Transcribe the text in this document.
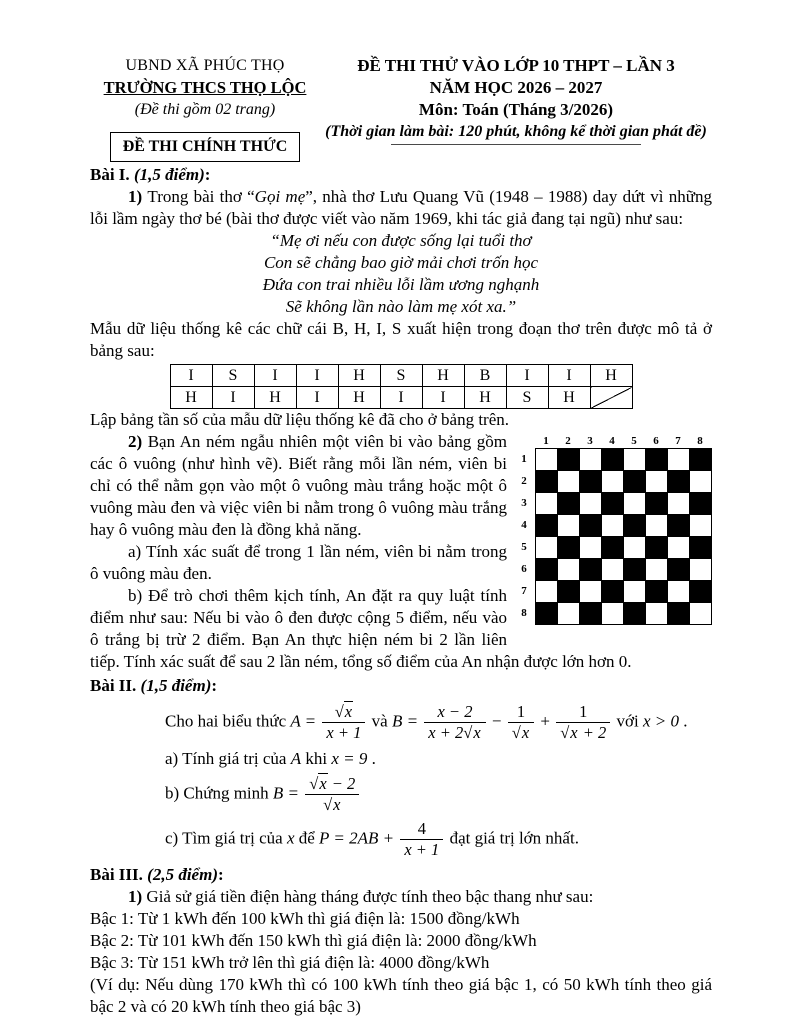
UBND XÃ PHÚC THỌ
TRƯỜNG THCS THỌ LỘC
(Đề thi gồm 02 trang)
ĐỀ THI CHÍNH THỨC
ĐỀ THI THỬ VÀO LỚP 10 THPT – LẦN 3
NĂM HỌC 2026 – 2027
Môn: Toán (Tháng 3/2026)
(Thời gian làm bài: 120 phút, không kể thời gian phát đề)
Bài I. (1,5 điểm):
1) Trong bài thơ “Gọi mẹ”, nhà thơ Lưu Quang Vũ (1948 – 1988) day dứt vì những lỗi lầm ngày thơ bé (bài thơ được viết vào năm 1969, khi tác giả đang tại ngũ) như sau:
“Mẹ ơi nếu con được sống lại tuổi thơ
Con sẽ chẳng bao giờ mải chơi trốn học
Đứa con trai nhiều lỗi lầm ương nghạnh
Sẽ không lần nào làm mẹ xót xa.”
Mẫu dữ liệu thống kê các chữ cái B, H, I, S xuất hiện trong đoạn thơ trên được mô tả ở bảng sau:
I	S	I	I	H	S	H	B	I	I	H
H	I	H	I	H	I	I	H	S	H	
Lập bảng tần số của mẫu dữ liệu thống kê đã cho ở bảng trên.
1	2	3	4	5	6	7	8
1
2
3
4
5
6
7
8
2) Bạn An ném ngẫu nhiên một viên bi vào bảng gồm các ô vuông (như hình vẽ). Biết rằng mỗi lần ném, viên bi chỉ có thể nằm gọn vào một ô vuông màu trắng hoặc một ô vuông màu đen và việc viên bi nằm trong ô vuông màu trắng hay ô vuông màu đen là đồng khả năng.
a) Tính xác suất để trong 1 lần ném, viên bi nằm trong ô vuông màu đen.
b) Để trò chơi thêm kịch tính, An đặt ra quy luật tính điểm như sau: Nếu bi vào ô đen được cộng 5 điểm, nếu vào ô trắng bị trừ 2 điểm. Bạn An thực hiện ném bi 2 lần liên tiếp. Tính xác suất để sau 2 lần ném, tổng số điểm của An nhận được lớn hơn 0.
Bài II. (1,5 điểm):
Cho hai biểu thức $A = \frac{√x}{x + 1}$ và $B = \frac{x - 2}{x + 2√x} - \frac{1}{√x} + \frac{1}{√x + 2}$ với x > 0 .
a) Tính giá trị của A khi x = 9 .
b) Chứng minh $B = \frac{√x - 2}{√x}$
c) Tìm giá trị của x để $P = 2AB + \frac{4}{x + 1}$ đạt giá trị lớn nhất.
Bài III. (2,5 điểm):
1) Giả sử giá tiền điện hàng tháng được tính theo bậc thang như sau:
Bậc 1: Từ 1 kWh đến 100 kWh thì giá điện là: 1500 đồng/kWh
Bậc 2: Từ 101 kWh đến 150 kWh thì giá điện là: 2000 đồng/kWh
Bậc 3: Từ 151 kWh trở lên thì giá điện là: 4000 đồng/kWh
(Ví dụ: Nếu dùng 170 kWh thì có 100 kWh tính theo giá bậc 1, có 50 kWh tính theo giá bậc 2 và có 20 kWh tính theo giá bậc 3)
